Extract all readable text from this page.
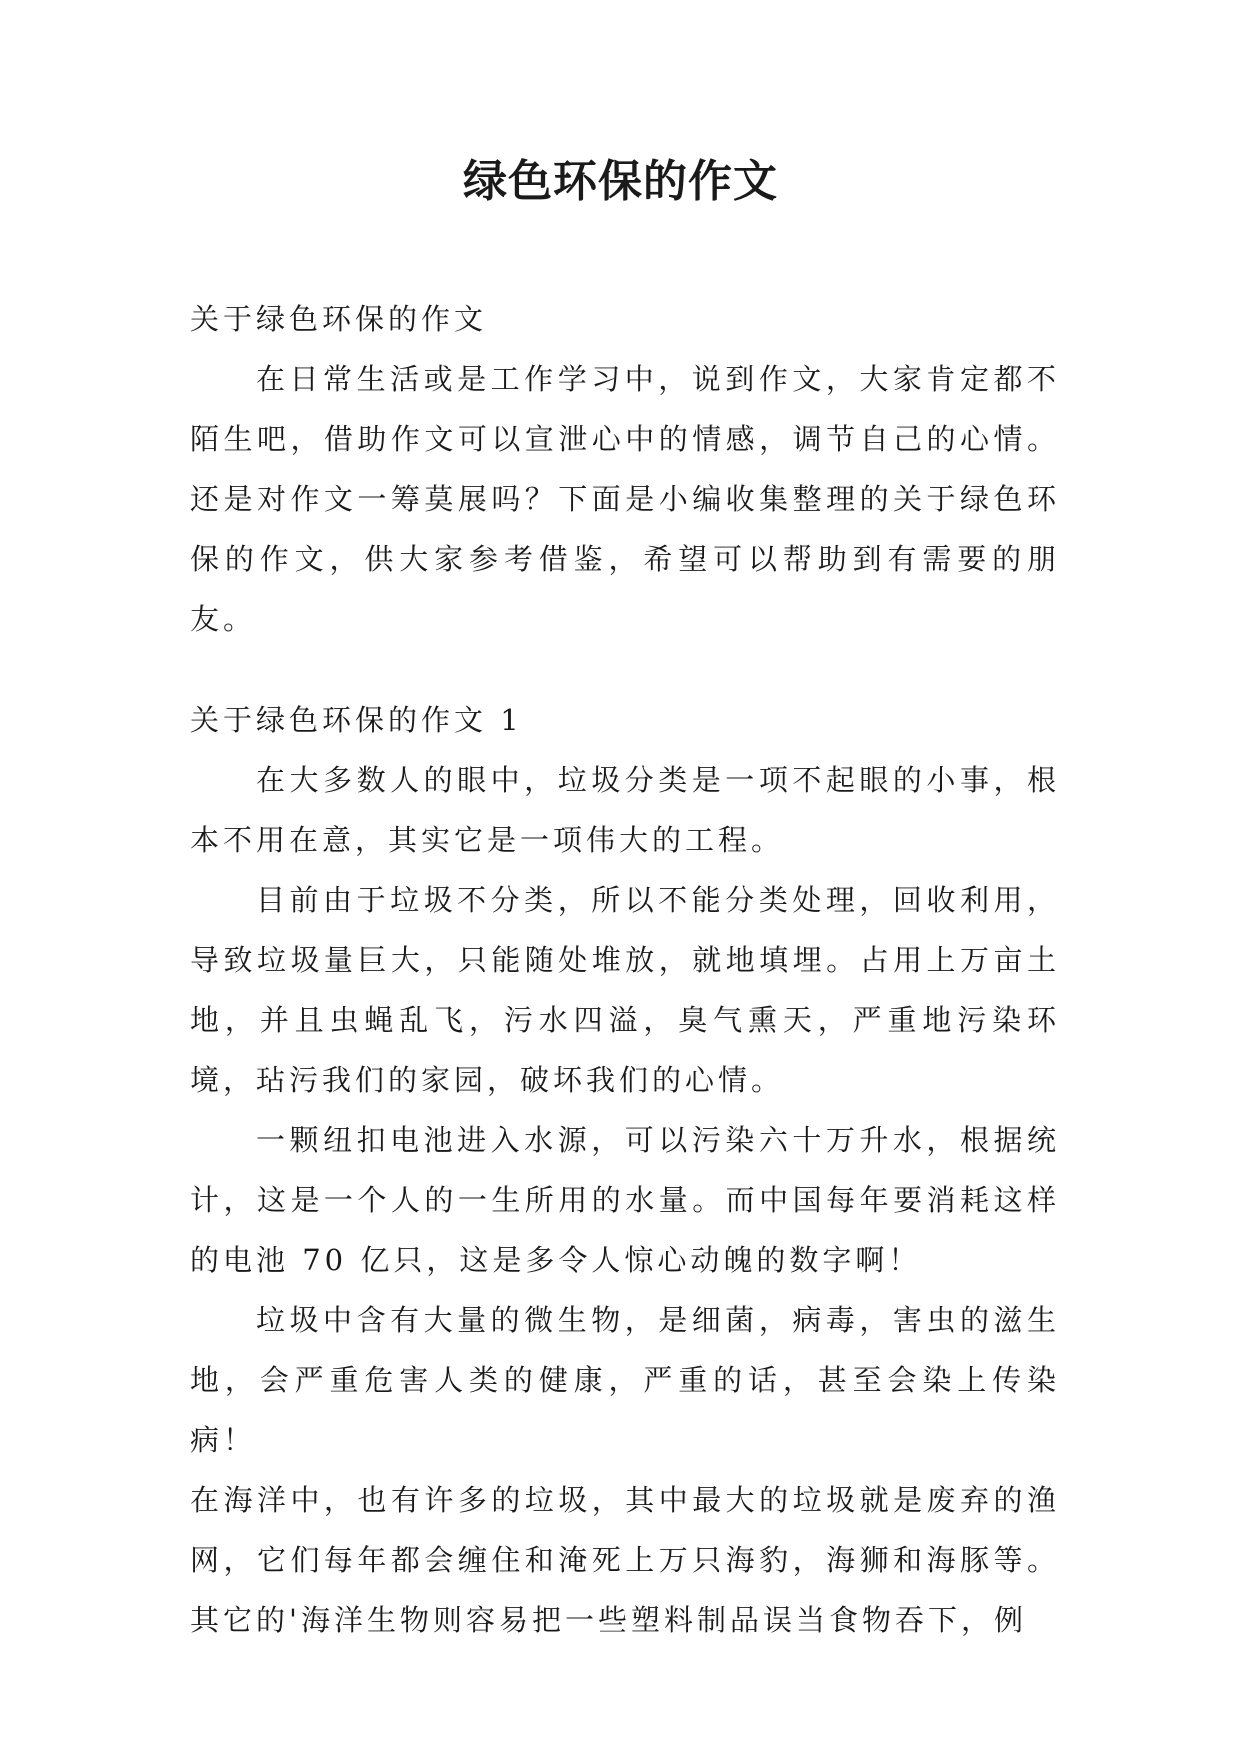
绿色环保的作文

关于绿色环保的作文

在日常生活或是工作学习中，说到作文，大家肯定都不陌生吧，借助作文可以宣泄心中的情感，调节自己的心情。还是对作文一筹莫展吗？下面是小编收集整理的关于绿色环保的作文，供大家参考借鉴，希望可以帮助到有需要的朋友。

关于绿色环保的作文 1

在大多数人的眼中，垃圾分类是一项不起眼的小事，根本不用在意，其实它是一项伟大的工程。

目前由于垃圾不分类，所以不能分类处理，回收利用，导致垃圾量巨大，只能随处堆放，就地填埋。占用上万亩土地，并且虫蝇乱飞，污水四溢，臭气熏天，严重地污染环境，玷污我们的家园，破坏我们的心情。

一颗纽扣电池进入水源，可以污染六十万升水，根据统计，这是一个人的一生所用的水量。而中国每年要消耗这样的电池 70 亿只，这是多令人惊心动魄的数字啊！

垃圾中含有大量的微生物，是细菌，病毒，害虫的滋生地，会严重危害人类的健康，严重的话，甚至会染上传染病！

在海洋中，也有许多的垃圾，其中最大的垃圾就是废弃的渔网，它们每年都会缠住和淹死上万只海豹，海狮和海豚等。其它的'海洋生物则容易把一些塑料制品误当食物吞下，例
